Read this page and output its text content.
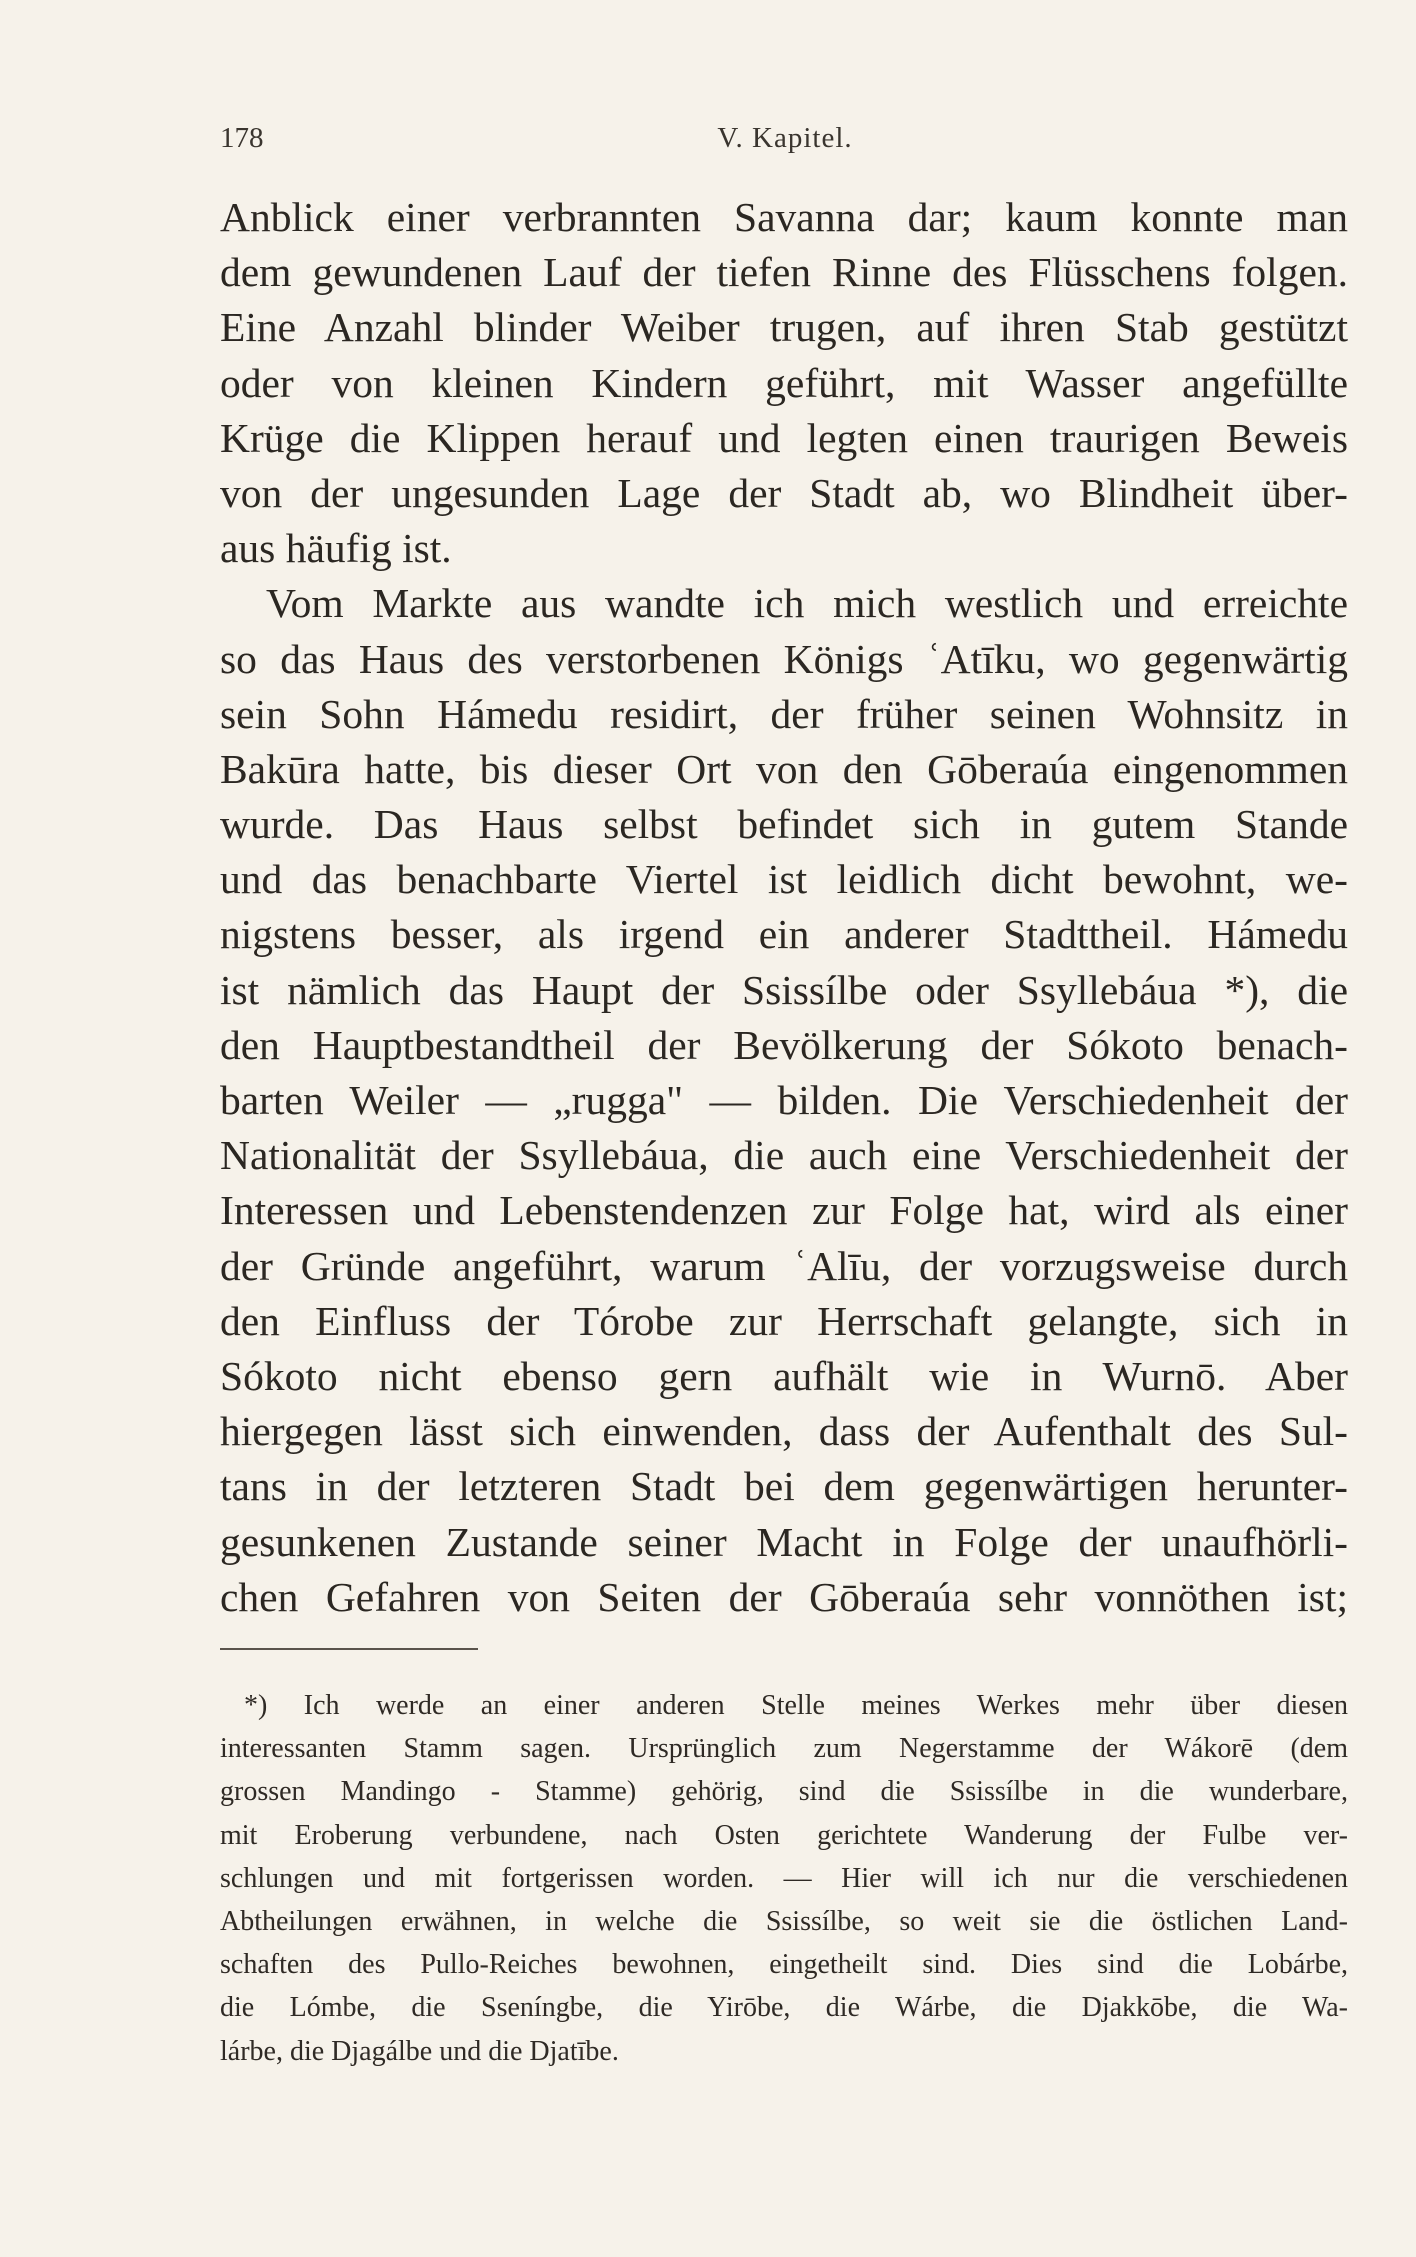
178	V. Kapitel.
Anblick einer verbrannten Savanna dar; kaum konnte man
dem gewundenen Lauf der tiefen Rinne des Flüsschens folgen.
Eine Anzahl blinder Weiber trugen, auf ihren Stab gestützt
oder von kleinen Kindern geführt, mit Wasser angefüllte
Krüge die Klippen herauf und legten einen traurigen Beweis
von der ungesunden Lage der Stadt ab, wo Blindheit über-
aus häufig ist.
Vom Markte aus wandte ich mich westlich und erreichte
so das Haus des verstorbenen Königs ʿAtīku, wo gegenwärtig
sein Sohn Hámedu residirt, der früher seinen Wohnsitz in
Bakūra hatte, bis dieser Ort von den Gōberaúa eingenommen
wurde. Das Haus selbst befindet sich in gutem Stande
und das benachbarte Viertel ist leidlich dicht bewohnt, we-
nigstens besser, als irgend ein anderer Stadttheil. Hámedu
ist nämlich das Haupt der Ssissílbe oder Ssyllebáua *), die
den Hauptbestandtheil der Bevölkerung der Sókoto benach-
barten Weiler — „rugga" — bilden. Die Verschiedenheit der
Nationalität der Ssyllebáua, die auch eine Verschiedenheit der
Interessen und Lebenstendenzen zur Folge hat, wird als einer
der Gründe angeführt, warum ʿAlīu, der vorzugsweise durch
den Einfluss der Tórobe zur Herrschaft gelangte, sich in
Sókoto nicht ebenso gern aufhält wie in Wurnō. Aber
hiergegen lässt sich einwenden, dass der Aufenthalt des Sul-
tans in der letzteren Stadt bei dem gegenwärtigen herunter-
gesunkenen Zustande seiner Macht in Folge der unaufhörli-
chen Gefahren von Seiten der Gōberaúa sehr vonnöthen ist;
*) Ich werde an einer anderen Stelle meines Werkes mehr über diesen
interessanten Stamm sagen. Ursprünglich zum Negerstamme der Wákorē (dem
grossen Mandingo - Stamme) gehörig, sind die Ssissílbe in die wunderbare,
mit Eroberung verbundene, nach Osten gerichtete Wanderung der Fulbe ver-
schlungen und mit fortgerissen worden. — Hier will ich nur die verschiedenen
Abtheilungen erwähnen, in welche die Ssissílbe, so weit sie die östlichen Land-
schaften des Pullo-Reiches bewohnen, eingetheilt sind. Dies sind die Lobárbe,
die Lómbe, die Sseníngbe, die Yirōbe, die Wárbe, die Djakkōbe, die Wa-
lárbe, die Djagálbe und die Djatībe.
